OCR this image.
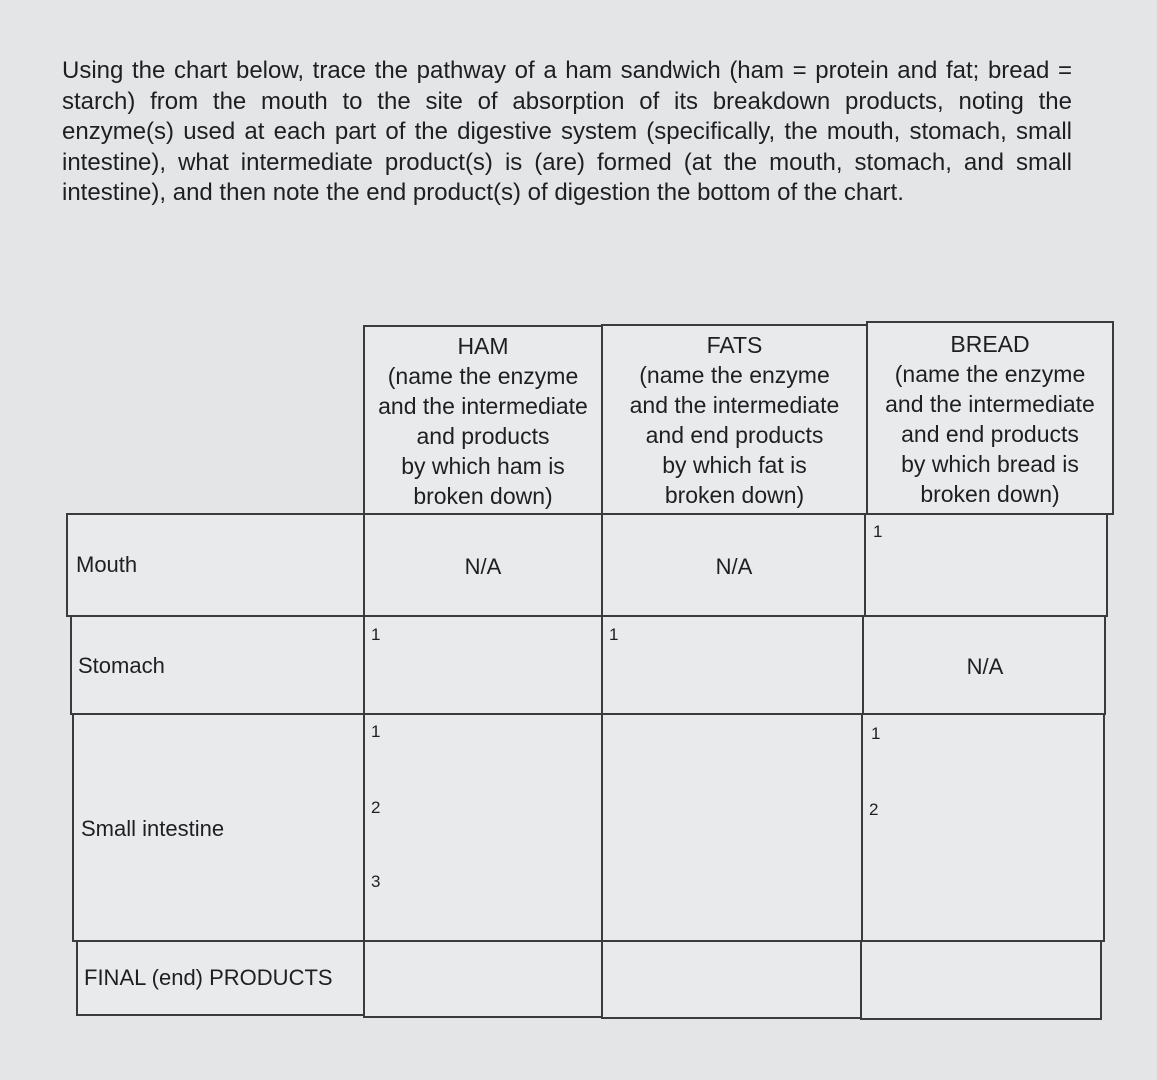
Using the chart below, trace the pathway of a ham sandwich (ham = protein and fat; bread = starch) from the mouth to the site of absorption of its breakdown products, noting the enzyme(s) used at each part of the digestive system (specifically, the mouth, stomach, small intestine), what intermediate product(s) is (are) formed (at the mouth, stomach, and small intestine), and then note the end product(s) of digestion the bottom of the chart.

HAM
(name the enzyme
and the intermediate
and products
by which ham is
broken down)
FATS
(name the enzyme
and the intermediate
and end products
by which fat is
broken down)
BREAD
(name the enzyme
and the intermediate
and end products
by which bread is
broken down)
Mouth
Stomach
Small intestine
FINAL (end) PRODUCTS
N/A	N/A
1
1	1
N/A
1
2
3
1
2
